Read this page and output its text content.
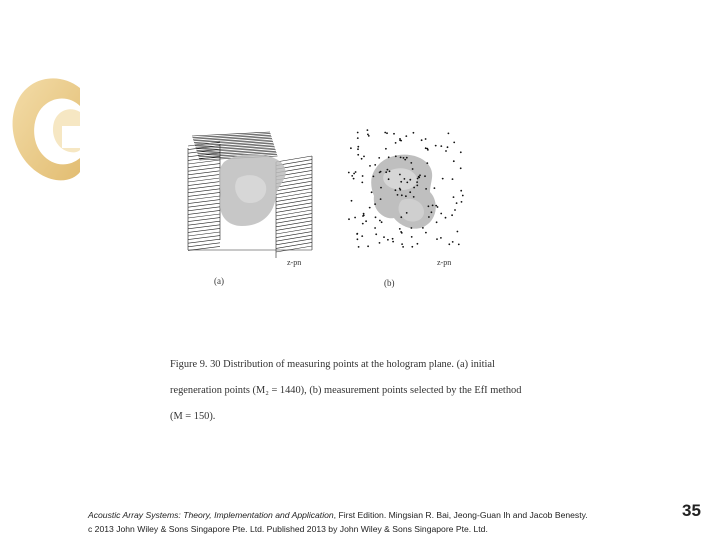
(a)	(b)
z-pn	z-pn
Figure 9. 30 Distribution of measuring points at the hologram plane. (a) initial
regeneration points (M₂ = 1440), (b) measurement points selected by the EfI method
(M = 150).
Acoustic Array Systems: Theory, Implementation and Application, First Edition. Mingsian R. Bai, Jeong-Guan Ih and Jacob Benesty.
c 2013 John Wiley & Sons Singapore Pte. Ltd. Published 2013 by John Wiley & Sons Singapore Pte. Ltd.
35
